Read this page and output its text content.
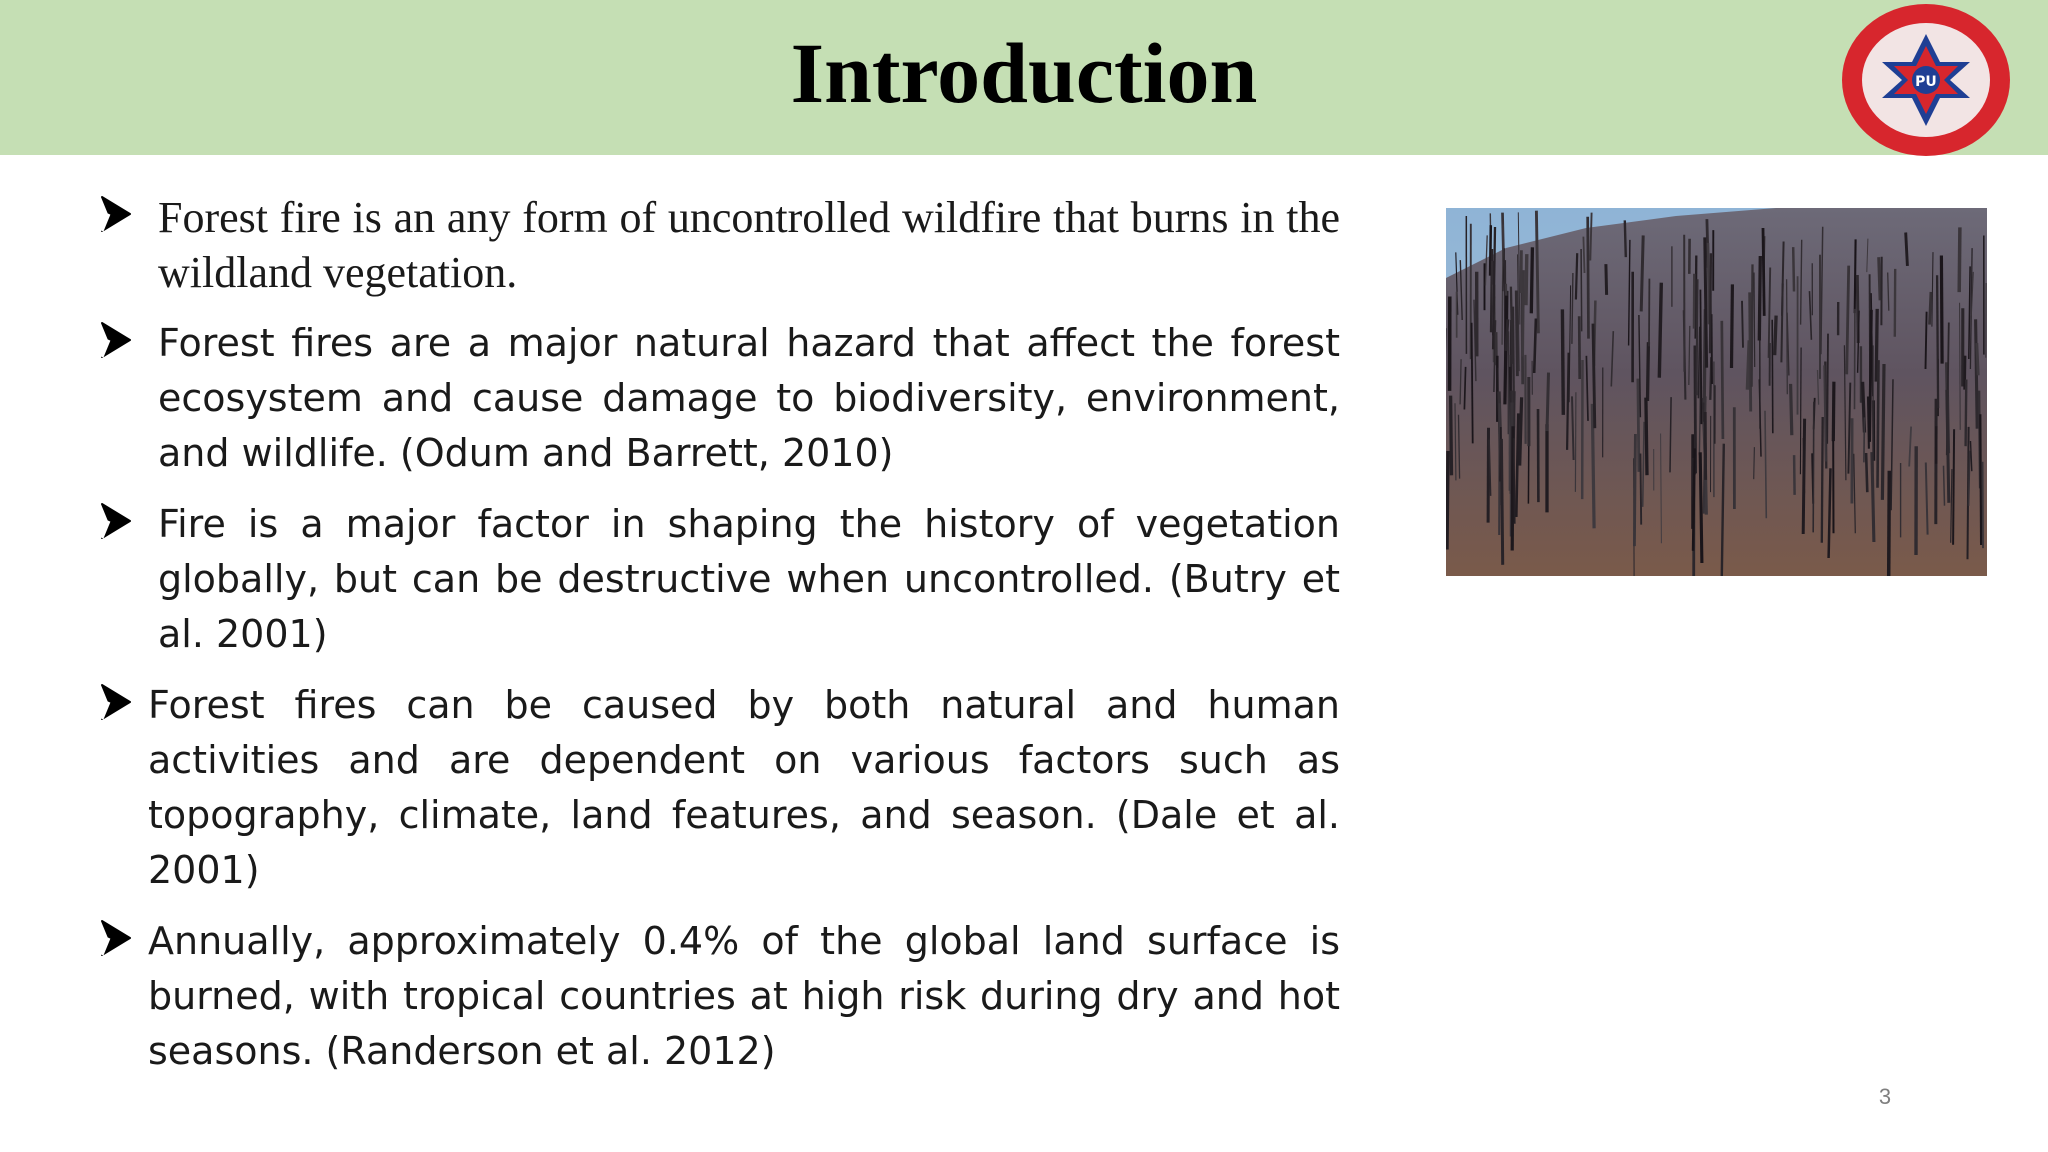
Introduction	PU
Forest fire is an any form of uncontrolled wildfire that burns in the wildland vegetation.
Forest fires are a major natural hazard that affect the forest ecosystem and cause damage to biodiversity, environment, and wildlife. (Odum and Barrett, 2010)
Fire is a major factor in shaping the history of vegetation globally, but can be destructive when uncontrolled. (Butry et al. 2001)
Forest fires can be caused by both natural and human activities and are dependent on various factors such as topography, climate, land features, and season. (Dale et al. 2001)
Annually, approximately 0.4% of the global land surface is burned, with tropical countries at high risk during dry and hot seasons. (Randerson et al. 2012)
3
